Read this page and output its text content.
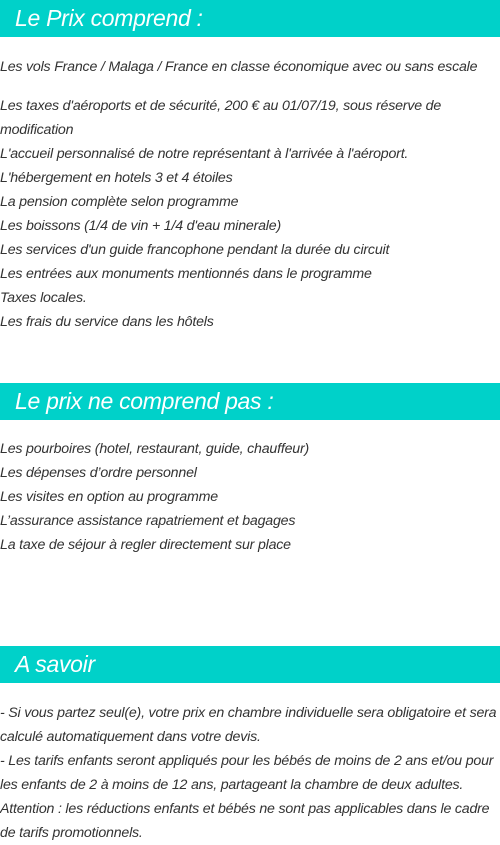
Le Prix comprend :
Les vols France / Malaga / France en classe économique avec ou sans escale
Les taxes d'aéroports et de sécurité, 200 € au 01/07/19, sous réserve de modification
L'accueil personnalisé de notre représentant à l'arrivée à l'aéroport.
L'hébergement en hotels 3 et 4 étoiles
La pension complète selon programme
Les boissons (1/4 de vin + 1/4 d'eau minerale)
Les services d'un guide francophone pendant la durée du circuit
Les entrées aux monuments mentionnés dans le programme
Taxes locales.
Les frais du service dans les hôtels
Le prix ne comprend pas :
Les pourboires (hotel, restaurant, guide, chauffeur)
Les dépenses d’ordre personnel
Les visites en option au programme
L’assurance assistance rapatriement et bagages
La taxe de séjour à regler directement sur place
A savoir
- Si vous partez seul(e), votre prix en chambre individuelle sera obligatoire et sera calculé automatiquement dans votre devis.
- Les tarifs enfants seront appliqués pour les bébés de moins de 2 ans et/ou pour les enfants de 2 à moins de 12 ans, partageant la chambre de deux adultes.
Attention : les réductions enfants et bébés ne sont pas applicables dans le cadre de tarifs promotionnels.
